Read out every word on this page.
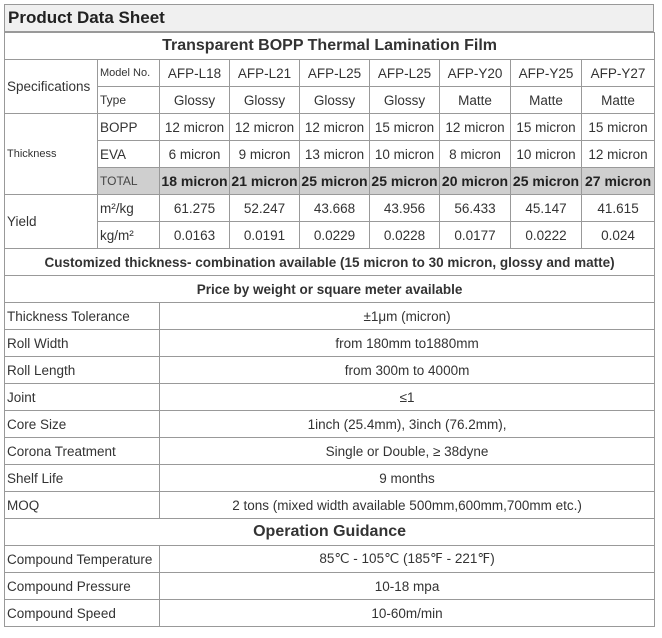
Product Data Sheet
Transparent BOPP Thermal Lamination Film								
Specifications	Model No.	AFP-L18	AFP-L21	AFP-L25	AFP-L25	AFP-Y20	AFP-Y25	AFP-Y27
	Type	Glossy	Glossy	Glossy	Glossy	Matte	Matte	Matte
Thickness	BOPP	12 micron	12 micron	12 micron	15 micron	12 micron	15 micron	15 micron
	EVA	6 micron	9 micron	13 micron	10 micron	8 micron	10 micron	12 micron
	TOTAL	18 micron	21 micron	25 micron	25 micron	20 micron	25 micron	27 micron
Yield	m²/kg	61.275	52.247	43.668	43.956	56.433	45.147	41.615
	kg/m²	0.0163	0.0191	0.0229	0.0228	0.0177	0.0222	0.024
Customized thickness- combination available (15 micron to 30 micron, glossy and matte)								
Price by weight or square meter available								
Thickness Tolerance		±1μm (micron)						
Roll Width		from 180mm to1880mm						
Roll Length		from 300m to 4000m						
Joint		≤1						
Core Size		1inch (25.4mm), 3inch (76.2mm),						
Corona Treatment		Single or Double, ≥ 38dyne						
Shelf Life		9 months						
MOQ		2 tons (mixed width available 500mm,600mm,700mm etc.)						
Operation Guidance								
Compound Temperature		85℃ - 105℃ (185℉ - 221℉)						
Compound Pressure		10-18 mpa						
Compound Speed		10-60m/min						
